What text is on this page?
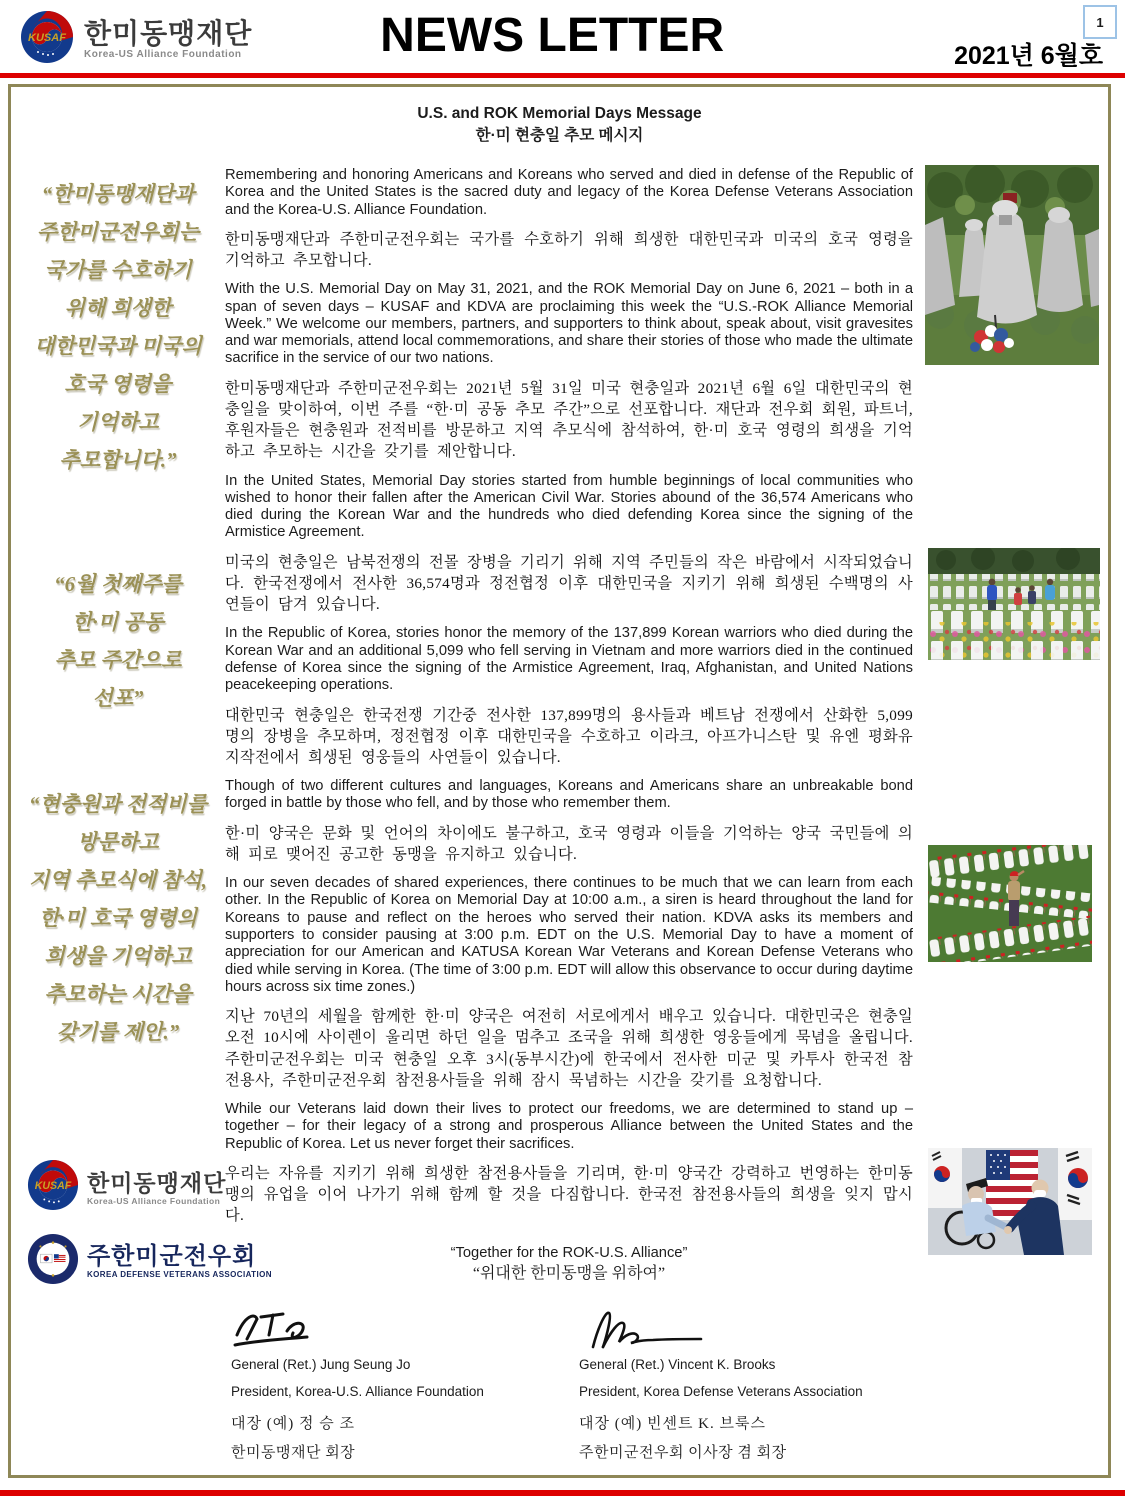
KUSAF 한미동맹재단
Korea-US Alliance Foundation	NEWS LETTER	2021년 6월호
1
U.S. and ROK Memorial Days Message
한·미 현충일 추모 메시지
“한미동맹재단과
주한미군전우회는
국가를 수호하기
위해 희생한
대한민국과 미국의
호국 영령을
기억하고
추모합니다.”
“6월 첫째주를
한·미 공동
추모 주간으로
선포”
“현충원과 전적비를
방문하고
지역 추모식에 참석,
한·미 호국 영령의
희생을 기억하고
추모하는 시간을
갖기를 제안.”
KUSAF 한미동맹재단
Korea-US Alliance Foundation
주한미군전우회
KOREA DEFENSE VETERANS ASSOCIATION
Remembering and honoring Americans and Koreans who served and died in defense of the Republic of Korea and the United States is the sacred duty and legacy of the Korea Defense Veterans Association and the Korea-U.S. Alliance Foundation.
한미동맹재단과 주한미군전우회는 국가를 수호하기 위해 희생한 대한민국과 미국의 호국 영령을 기억하고 추모합니다.
With the U.S. Memorial Day on May 31, 2021, and the ROK Memorial Day on June 6, 2021 – both in a span of seven days – KUSAF and KDVA are proclaiming this week the “U.S.-ROK Alliance Memorial Week.” We welcome our members, partners, and supporters to think about, speak about, visit gravesites and war memorials, attend local commemorations, and share their stories of those who made the ultimate sacrifice in the service of our two nations.
한미동맹재단과 주한미군전우회는 2021년 5월 31일 미국 현충일과 2021년 6월 6일 대한민국의 현충일을 맞이하여, 이번 주를 “한·미 공동 추모 주간”으로 선포합니다. 재단과 전우회 회원, 파트너, 후원자들은 현충원과 전적비를 방문하고 지역 추모식에 참석하여, 한·미 호국 영령의 희생을 기억하고 추모하는 시간을 갖기를 제안합니다.
In the United States, Memorial Day stories started from humble beginnings of local communities who wished to honor their fallen after the American Civil War. Stories abound of the 36,574 Americans who died during the Korean War and the hundreds who died defending Korea since the signing of the Armistice Agreement.
미국의 현충일은 남북전쟁의 전몰 장병을 기리기 위해 지역 주민들의 작은 바람에서 시작되었습니다. 한국전쟁에서 전사한 36,574명과 정전협정 이후 대한민국을 지키기 위해 희생된 수백명의 사연들이 담겨 있습니다.
In the Republic of Korea, stories honor the memory of the 137,899 Korean warriors who died during the Korean War and an additional 5,099 who fell serving in Vietnam and more warriors died in the continued defense of Korea since the signing of the Armistice Agreement, Iraq, Afghanistan, and United Nations peacekeeping operations.
대한민국 현충일은 한국전쟁 기간중 전사한 137,899명의 용사들과 베트남 전쟁에서 산화한 5,099명의 장병을 추모하며, 정전협정 이후 대한민국을 수호하고 이라크, 아프가니스탄 및 유엔 평화유지작전에서 희생된 영웅들의 사연들이 있습니다.
Though of two different cultures and languages, Koreans and Americans share an unbreakable bond forged in battle by those who fell, and by those who remember them.
한·미 양국은 문화 및 언어의 차이에도 불구하고, 호국 영령과 이들을 기억하는 양국 국민들에 의해 피로 맺어진 공고한 동맹을 유지하고 있습니다.
In our seven decades of shared experiences, there continues to be much that we can learn from each other. In the Republic of Korea on Memorial Day at 10:00 a.m., a siren is heard throughout the land for Koreans to pause and reflect on the heroes who served their nation. KDVA asks its members and supporters to consider pausing at 3:00 p.m. EDT on the U.S. Memorial Day to have a moment of appreciation for our American and KATUSA Korean War Veterans and Korean Defense Veterans who died while serving in Korea. (The time of 3:00 p.m. EDT will allow this observance to occur during daytime hours across six time zones.)
지난 70년의 세월을 함께한 한·미 양국은 여전히 서로에게서 배우고 있습니다. 대한민국은 현충일 오전 10시에 사이렌이 울리면 하던 일을 멈추고 조국을 위해 희생한 영웅들에게 묵념을 올립니다. 주한미군전우회는 미국 현충일 오후 3시(동부시간)에 한국에서 전사한 미군 및 카투사 한국전 참전용사, 주한미군전우회 참전용사들을 위해 잠시 묵념하는 시간을 갖기를 요청합니다.
While our Veterans laid down their lives to protect our freedoms, we are determined to stand up – together – for their legacy of a strong and prosperous Alliance between the United States and the Republic of Korea. Let us never forget their sacrifices.
우리는 자유를 지키기 위해 희생한 참전용사들을 기리며, 한·미 양국간 강력하고 번영하는 한미동맹의 유업을 이어 나가기 위해 함께 할 것을 다짐합니다. 한국전 참전용사들의 희생을 잊지 맙시다.
“Together for the ROK-U.S. Alliance”
“위대한 한미동맹을 위하여”
General (Ret.) Jung Seung Jo
President, Korea-U.S. Alliance Foundation
대장 (예) 정 승 조
한미동맹재단 회장
General (Ret.) Vincent K. Brooks
President, Korea Defense Veterans Association
대장 (예) 빈센트 K. 브룩스
주한미군전우회 이사장 겸 회장
